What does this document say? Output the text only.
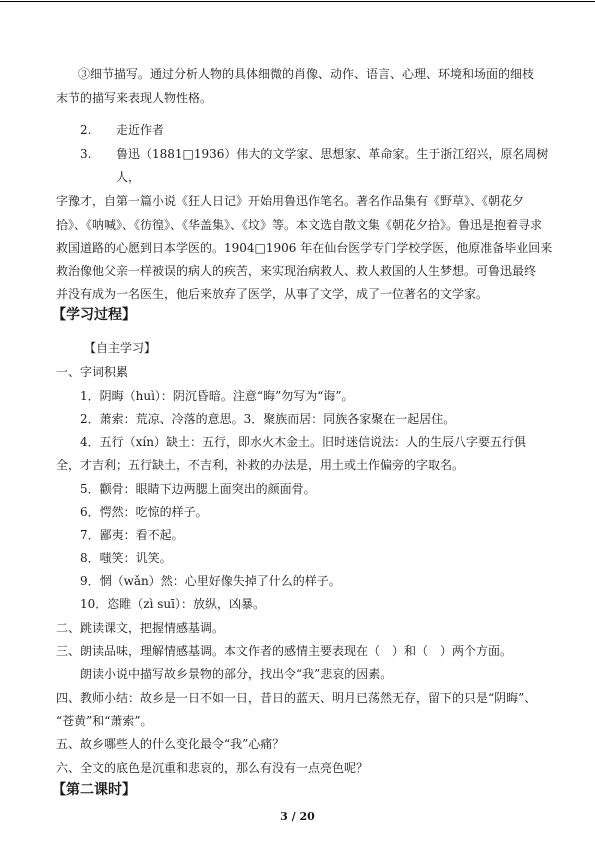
③细节描写。通过分析人物的具体细微的肖像、动作、语言、心理、环境和场面的细枝
末节的描写来表现人物性格。
2. 走近作者
3. 鲁迅（1881□1936）伟大的文学家、思想家、革命家。生于浙江绍兴，原名周树
人，
字豫才，自第一篇小说《狂人日记》开始用鲁迅作笔名。著名作品集有《野草》、《朝花夕
拾》、《呐喊》、《彷徨》、《华盖集》、《坟》等。本文选自散文集《朝花夕拾》。鲁迅是抱着寻求
救国道路的心愿到日本学医的。1904□1906 年在仙台医学专门学校学医，他原准备毕业回来
救治像他父亲一样被误的病人的疾苦，来实现治病救人、救人救国的人生梦想。可鲁迅最终
并没有成为一名医生，他后来放弃了医学，从事了文学，成了一位著名的文学家。
【学习过程】
【自主学习】
一、字词积累
1．阴晦（huì）：阴沉昏暗。注意“晦”勿写为“诲”。
2．萧索：荒凉、冷落的意思。3．聚族而居：同族各家聚在一起居住。
4．五行（xín）缺土：五行，即水火木金土。旧时迷信说法：人的生辰八字要五行俱
全，才吉利；五行缺土，不吉利，补救的办法是，用土或土作偏旁的字取名。
5．颧骨：眼睛下边两腮上面突出的颜面骨。
6．愕然：吃惊的样子。
7．鄙夷：看不起。
8．嗤笑：讥笑。
9．惘（wǎn）然：心里好像失掉了什么的样子。
10．恣睢（zì suī）：放纵，凶暴。
二、跳读课文，把握情感基调。
三、朗读品味，理解情感基调。本文作者的感情主要表现在（　）和（　）两个方面。
朗读小说中描写故乡景物的部分，找出令“我”悲哀的因素。
四、教师小结：故乡是一日不如一日，昔日的蓝天、明月已荡然无存，留下的只是“阴晦”、
“苍黄”和“萧索”。
五、故乡哪些人的什么变化最令“我”心痛？
六、全文的底色是沉重和悲哀的，那么有没有一点亮色呢？
【第二课时】
3 / 20
